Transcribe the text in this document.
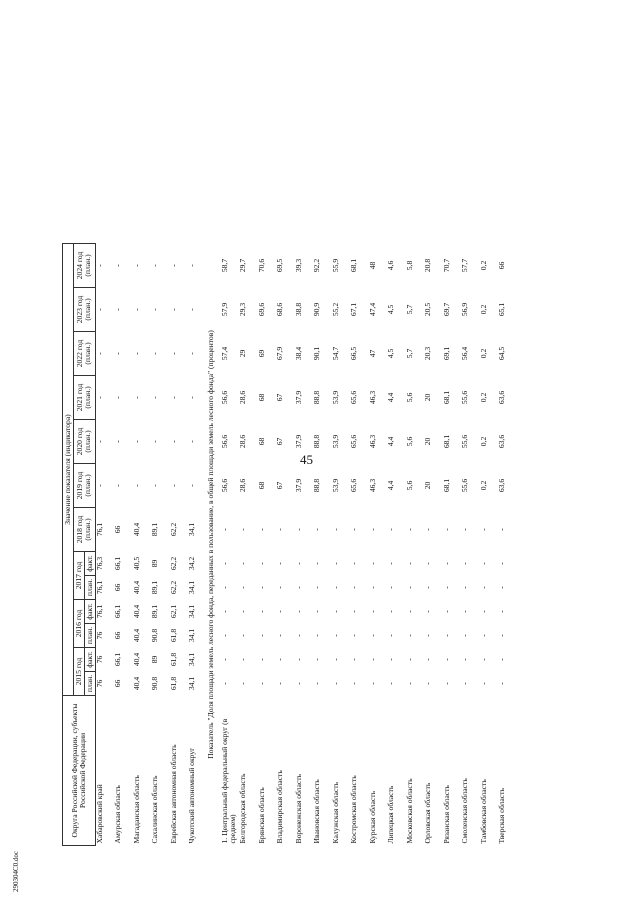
45
290304C0.doc
Округа Российской Федерации, субъекты Российской Федерации	Значение показателя (индикатора)												
	2015 год		2016 год		2017 год		2018 год (план.)	2019 год (план.)	2020 год (план.)	2021 год (план.)	2022 год (план.)	2023 год (план.)	2024 год (план.)
	план.	факт.	план.	факт.	план.	факт.							
Хабаровский край	76	76	76	76,1	76,1	76,3	76,1	-	-	-	-	-	-
Амурская область	66	66,1	66	66,1	66	66,1	66	-	-	-	-	-	-
Магаданская область	40,4	40,4	40,4	40,4	40,4	40,5	40,4	-	-	-	-	-	-
Сахалинская область	90,8	89	90,8	89,1	89,1	89	89,1	-	-	-	-	-	-
Еврейская автономная область	61,8	61,8	61,8	62,1	62,2	62,2	62,2	-	-	-	-	-	-
Чукотский автономный округ	34,1	34,1	34,1	34,1	34,1	34,2	34,1	-	-	-	-	-	-
Показатель "Доля площади земель лесного фонда, переданных в пользование, в общей площади земель лесного фонда" (процентов)													
1. Центральный федеральный округ (в среднем)	-	-	-	-	-	-	-	56,6	56,6	56,6	57,4	57,9	58,7
Белгородская область	-	-	-	-	-	-	-	28,6	28,6	28,6	29	29,3	29,7
Брянская область	-	-	-	-	-	-	-	68	68	68	69	69,6	70,6
Владимирская область	-	-	-	-	-	-	-	67	67	67	67,9	68,6	69,5
Воронежская область	-	-	-	-	-	-	-	37,9	37,9	37,9	38,4	38,8	39,3
Ивановская область	-	-	-	-	-	-	-	88,8	88,8	88,8	90,1	90,9	92,2
Калужская область	-	-	-	-	-	-	-	53,9	53,9	53,9	54,7	55,2	55,9
Костромская область	-	-	-	-	-	-	-	65,6	65,6	65,6	66,5	67,1	68,1
Курская область	-	-	-	-	-	-	-	46,3	46,3	46,3	47	47,4	48
Липецкая область	-	-	-	-	-	-	-	4,4	4,4	4,4	4,5	4,5	4,6
Московская область	-	-	-	-	-	-	-	5,6	5,6	5,6	5,7	5,7	5,8
Орловская область	-	-	-	-	-	-	-	20	20	20	20,3	20,5	20,8
Рязанская область	-	-	-	-	-	-	-	68,1	68,1	68,1	69,1	69,7	70,7
Смоленская область	-	-	-	-	-	-	-	55,6	55,6	55,6	56,4	56,9	57,7
Тамбовская область	-	-	-	-	-	-	-	0,2	0,2	0,2	0,2	0,2	0,2
Тверская область	-	-	-	-	-	-	-	63,6	63,6	63,6	64,5	65,1	66
